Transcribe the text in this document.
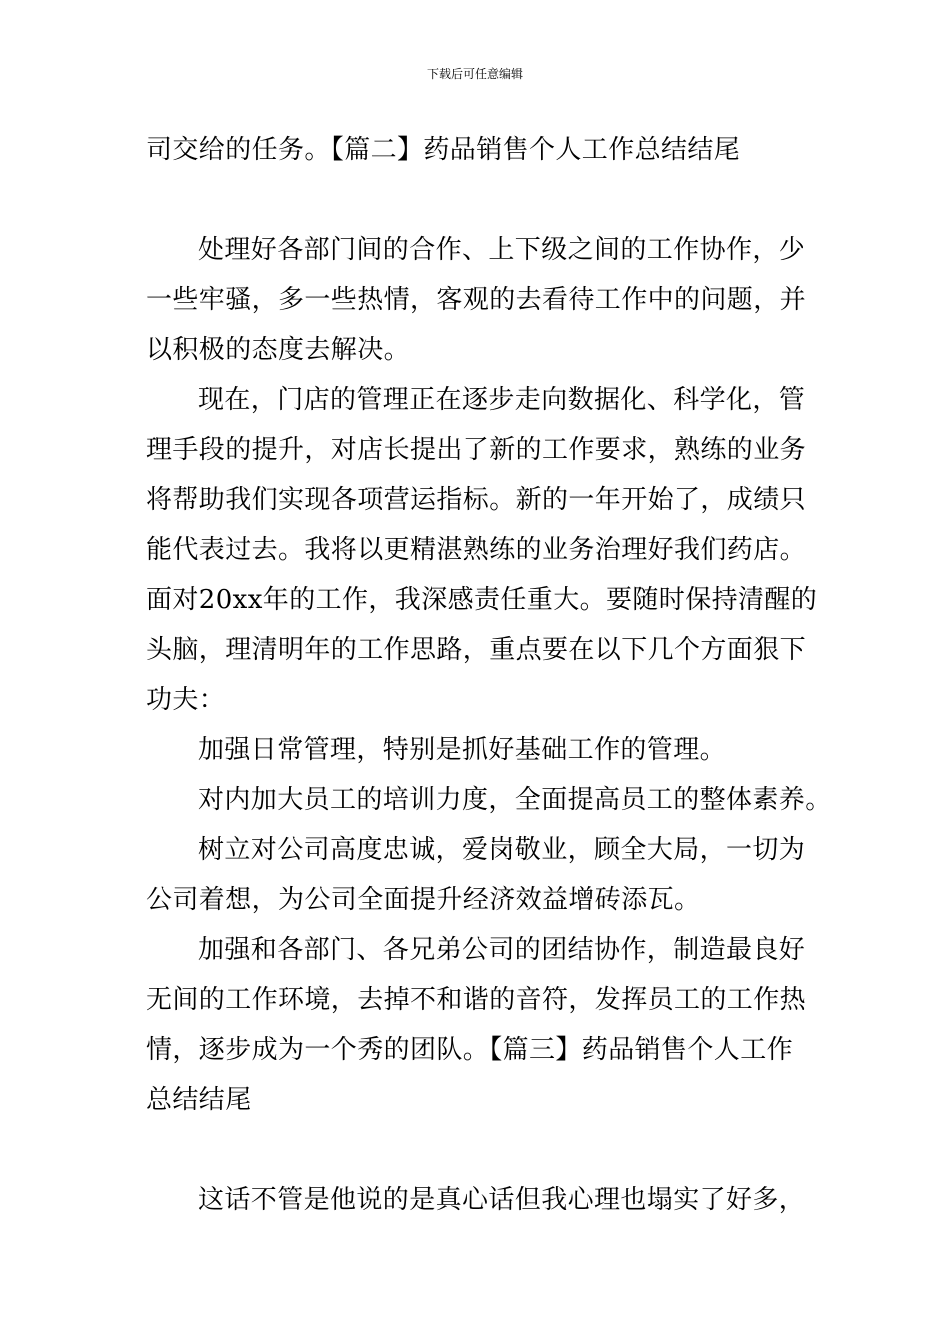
下载后可任意编辑
司交给的任务。【篇二】药品销售个人工作总结结尾
处理好各部门间的合作、上下级之间的工作协作，少
一些牢骚，多一些热情，客观的去看待工作中的问题，并
以积极的态度去解决。
现在，门店的管理正在逐步走向数据化、科学化，管
理手段的提升，对店长提出了新的工作要求，熟练的业务
将帮助我们实现各项营运指标。新的一年开始了，成绩只
能代表过去。我将以更精湛熟练的业务治理好我们药店。
面对20xx年的工作，我深感责任重大。要随时保持清醒的
头脑，理清明年的工作思路，重点要在以下几个方面狠下
功夫：
加强日常管理，特别是抓好基础工作的管理。
对内加大员工的培训力度，全面提高员工的整体素养。
树立对公司高度忠诚，爱岗敬业，顾全大局，一切为
公司着想，为公司全面提升经济效益增砖添瓦。
加强和各部门、各兄弟公司的团结协作，制造最良好
无间的工作环境，去掉不和谐的音符，发挥员工的工作热
情，逐步成为一个秀的团队。【篇三】药品销售个人工作
总结结尾
这话不管是他说的是真心话但我心理也塌实了好多，
